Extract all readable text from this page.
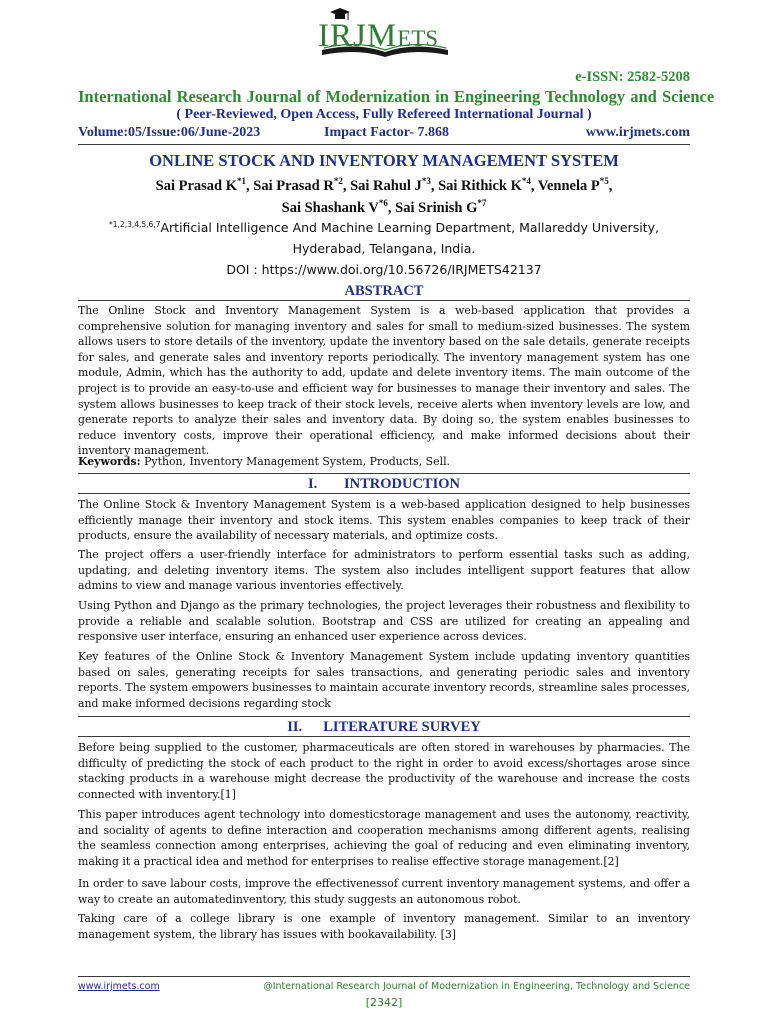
IRJMETS
e-ISSN: 2582-5208
International Research Journal of Modernization in Engineering Technology and Science
( Peer-Reviewed, Open Access, Fully Refereed International Journal )
Volume:05/Issue:06/June-2023	Impact Factor- 7.868	www.irjmets.com
ONLINE STOCK AND INVENTORY MANAGEMENT SYSTEM
Sai Prasad $K^{*1}$, Sai Prasad $R^{*2}$, Sai Rahul $J^{*3}$, Sai Rithick $K^{*4}$, Vennela $P^{*5}$,
Sai Shashank $V^{*6}$, Sai Srinish $G^{*7}$
$^{*1,2,3,4,5,6,7}$Artificial Intelligence And Machine Learning Department, Mallareddy University,
Hyderabad, Telangana, India.
DOI : https://www.doi.org/10.56726/IRJMETS42137
ABSTRACT

The Online Stock and Inventory Management System is a web-based application that provides a comprehensive solution for managing inventory and sales for small to medium-sized businesses. The system allows users to store details of the inventory, update the inventory based on the sale details, generate receipts for sales, and generate sales and inventory reports periodically. The inventory management system has one module, Admin, which has the authority to add, update and delete inventory items. The main outcome of the project is to provide an easy-to-use and efficient way for businesses to manage their inventory and sales. The system allows businesses to keep track of their stock levels, receive alerts when inventory levels are low, and generate reports to analyze their sales and inventory data. By doing so, the system enables businesses to reduce inventory costs, improve their operational efficiency, and make informed decisions about their inventory management.

Keywords: Python, Inventory Management System, Products, Sell.

I. INTRODUCTION

The Online Stock & Inventory Management System is a web-based application designed to help businesses efficiently manage their inventory and stock items. This system enables companies to keep track of their products, ensure the availability of necessary materials, and optimize costs.

The project offers a user-friendly interface for administrators to perform essential tasks such as adding, updating, and deleting inventory items. The system also includes intelligent support features that allow admins to view and manage various inventories effectively.

Using Python and Django as the primary technologies, the project leverages their robustness and flexibility to provide a reliable and scalable solution. Bootstrap and CSS are utilized for creating an appealing and responsive user interface, ensuring an enhanced user experience across devices.

Key features of the Online Stock & Inventory Management System include updating inventory quantities based on sales, generating receipts for sales transactions, and generating periodic sales and inventory reports. The system empowers businesses to maintain accurate inventory records, streamline sales processes, and make informed decisions regarding stock

II. LITERATURE SURVEY

Before being supplied to the customer, pharmaceuticals are often stored in warehouses by pharmacies. The difficulty of predicting the stock of each product to the right in order to avoid excess/shortages arose since stacking products in a warehouse might decrease the productivity of the warehouse and increase the costs connected with inventory.[1]

This paper introduces agent technology into domesticstorage management and uses the autonomy, reactivity, and sociality of agents to define interaction and cooperation mechanisms among different agents, realising the seamless connection among enterprises, achieving the goal of reducing and even eliminating inventory, making it a practical idea and method for enterprises to realise effective storage management.[2]

In order to save labour costs, improve the effectivenessof current inventory management systems, and offer a way to create an automatedinventory, this study suggests an autonomous robot.

Taking care of a college library is one example of inventory management. Similar to an inventory management system, the library has issues with bookavailability. [3]

www.irjmets.com	@International Research Journal of Modernization in Engineering, Technology and Science
[2342]
